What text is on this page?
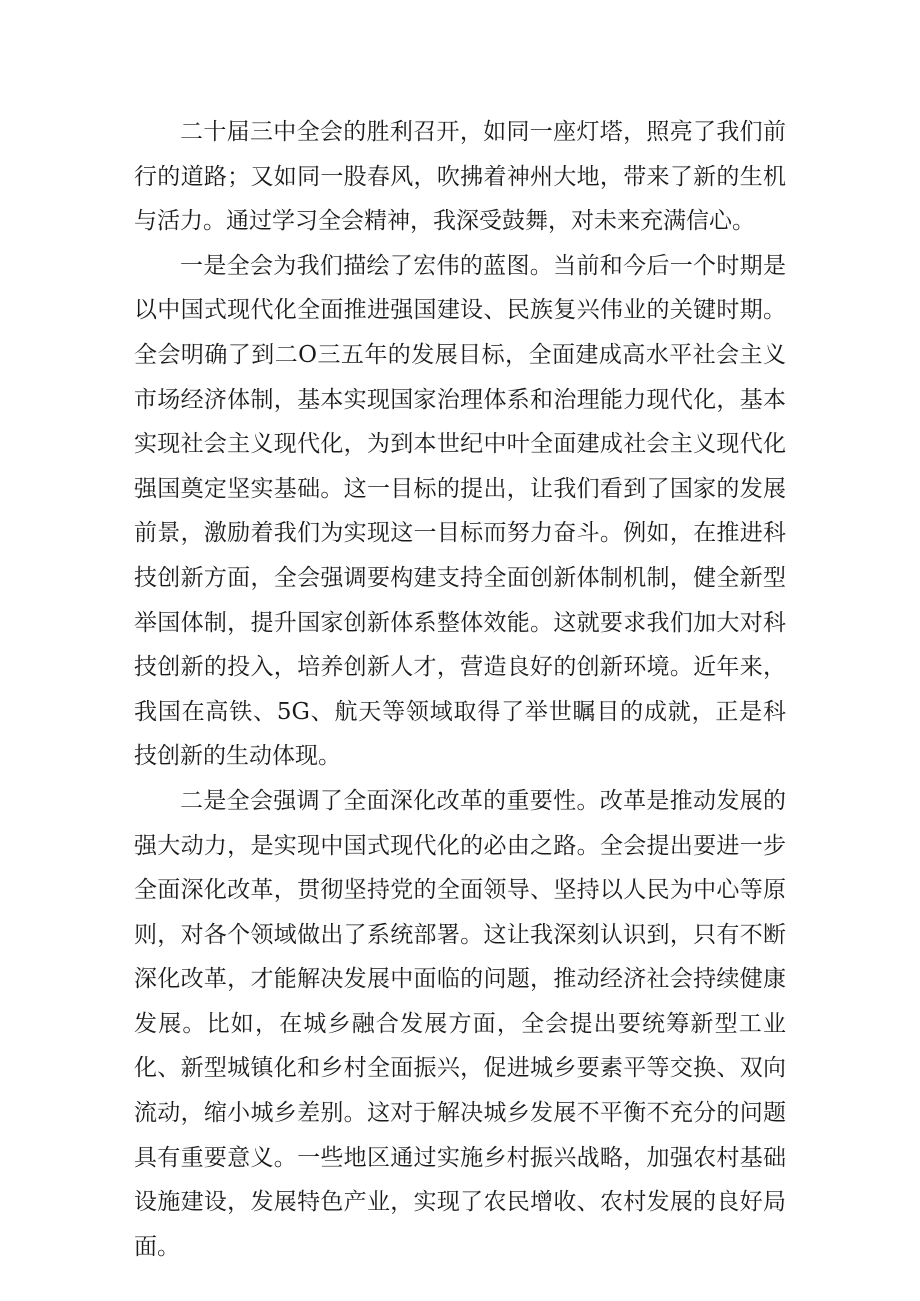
二十届三中全会的胜利召开，如同一座灯塔，照亮了我们前行的道路；又如同一股春风，吹拂着神州大地，带来了新的生机与活力。通过学习全会精神，我深受鼓舞，对未来充满信心。

一是全会为我们描绘了宏伟的蓝图。当前和今后一个时期是以中国式现代化全面推进强国建设、民族复兴伟业的关键时期。全会明确了到二O三五年的发展目标，全面建成高水平社会主义市场经济体制，基本实现国家治理体系和治理能力现代化，基本实现社会主义现代化，为到本世纪中叶全面建成社会主义现代化强国奠定坚实基础。这一目标的提出，让我们看到了国家的发展前景，激励着我们为实现这一目标而努力奋斗。例如，在推进科技创新方面，全会强调要构建支持全面创新体制机制，健全新型举国体制，提升国家创新体系整体效能。这就要求我们加大对科技创新的投入，培养创新人才，营造良好的创新环境。近年来，我国在高铁、5G、航天等领域取得了举世瞩目的成就，正是科技创新的生动体现。

二是全会强调了全面深化改革的重要性。改革是推动发展的强大动力，是实现中国式现代化的必由之路。全会提出要进一步全面深化改革，贯彻坚持党的全面领导、坚持以人民为中心等原则，对各个领域做出了系统部署。这让我深刻认识到，只有不断深化改革，才能解决发展中面临的问题，推动经济社会持续健康发展。比如，在城乡融合发展方面，全会提出要统筹新型工业化、新型城镇化和乡村全面振兴，促进城乡要素平等交换、双向流动，缩小城乡差别。这对于解决城乡发展不平衡不充分的问题具有重要意义。一些地区通过实施乡村振兴战略，加强农村基础设施建设，发展特色产业，实现了农民增收、农村发展的良好局面。
